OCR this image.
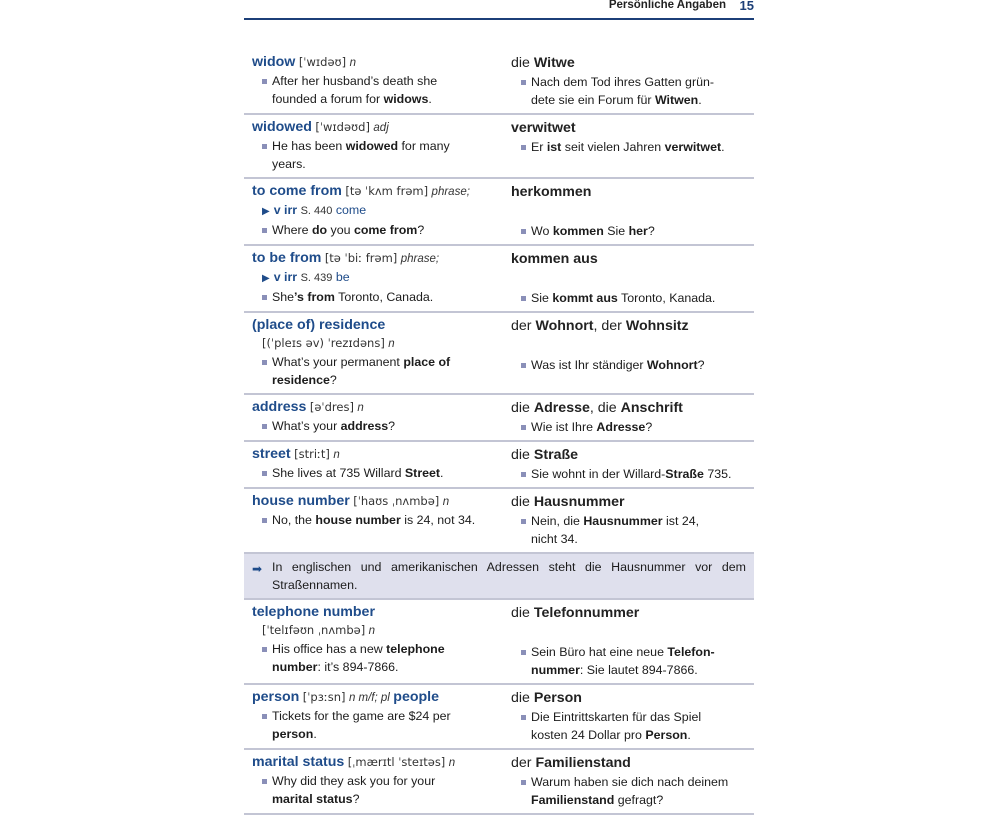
Persönliche Angaben 15
widow [ˈwɪdəʊ] n
After her husband’s death she
founded a forum for widows.
die Witwe
Nach dem Tod ihres Gatten grün-
dete sie ein Forum für Witwen.
widowed [ˈwɪdəʊd] adj
He has been widowed for many
years.
verwitwet
Er ist seit vielen Jahren verwitwet.
to come from [tə ˈkʌm frəm] phrase;
▶ v irr S. 440 come
Where do you come from?
herkommen
Wo kommen Sie her?
to be from [tə ˈbiː frəm] phrase;
▶ v irr S. 439 be
She’s from Toronto, Canada.
kommen aus
Sie kommt aus Toronto, Kanada.
(place of) residence
[(ˈpleɪs əv) ˈrezɪdəns] n
What’s your permanent place of
residence?
der Wohnort, der Wohnsitz
Was ist Ihr ständiger Wohnort?
address [əˈdres] n
What’s your address?
die Adresse, die Anschrift
Wie ist Ihre Adresse?
street [striːt] n
She lives at 735 Willard Street.
die Straße
Sie wohnt in der Willard-Straße 735.
house number [ˈhaʊs ˌnʌmbə] n
No, the house number is 24, not 34.
die Hausnummer
Nein, die Hausnummer ist 24,
nicht 34.
➡ In englischen und amerikanischen Adressen steht die Hausnummer vor dem Straßennamen.
telephone number
[ˈtelɪfəʊn ˌnʌmbə] n
His office has a new telephone
number: it’s 894-7866.
die Telefonnummer
Sein Büro hat eine neue Telefon-
nummer: Sie lautet 894-7866.
person [ˈpɜːsn] n m/f; pl people
Tickets for the game are $24 per
person.
die Person
Die Eintrittskarten für das Spiel
kosten 24 Dollar pro Person.
marital status [ˌmærɪtl ˈsteɪtəs] n
Why did they ask you for your
marital status?
der Familienstand
Warum haben sie dich nach deinem
Familienstand gefragt?
